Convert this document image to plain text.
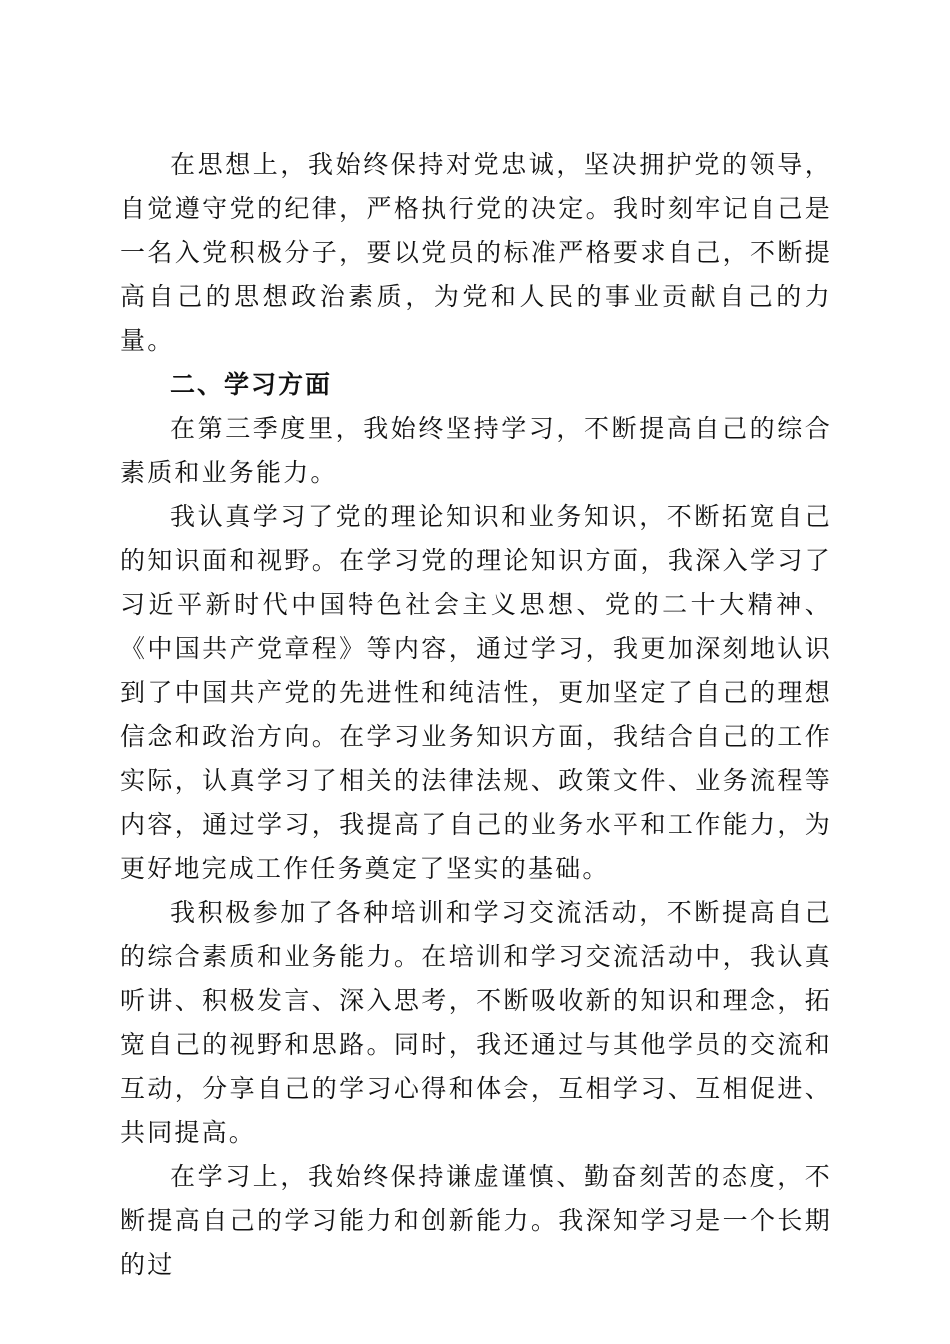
在思想上，我始终保持对党忠诚，坚决拥护党的领导，自觉遵守党的纪律，严格执行党的决定。我时刻牢记自己是一名入党积极分子，要以党员的标准严格要求自己，不断提高自己的思想政治素质，为党和人民的事业贡献自己的力量。

二、学习方面

在第三季度里，我始终坚持学习，不断提高自己的综合素质和业务能力。

我认真学习了党的理论知识和业务知识，不断拓宽自己的知识面和视野。在学习党的理论知识方面，我深入学习了习近平新时代中国特色社会主义思想、党的二十大精神、《中国共产党章程》等内容，通过学习，我更加深刻地认识到了中国共产党的先进性和纯洁性，更加坚定了自己的理想信念和政治方向。在学习业务知识方面，我结合自己的工作实际，认真学习了相关的法律法规、政策文件、业务流程等内容，通过学习，我提高了自己的业务水平和工作能力，为更好地完成工作任务奠定了坚实的基础。

我积极参加了各种培训和学习交流活动，不断提高自己的综合素质和业务能力。在培训和学习交流活动中，我认真听讲、积极发言、深入思考，不断吸收新的知识和理念，拓宽自己的视野和思路。同时，我还通过与其他学员的交流和互动，分享自己的学习心得和体会，互相学习、互相促进、共同提高。

在学习上，我始终保持谦虚谨慎、勤奋刻苦的态度，不断提高自己的学习能力和创新能力。我深知学习是一个长期的过
